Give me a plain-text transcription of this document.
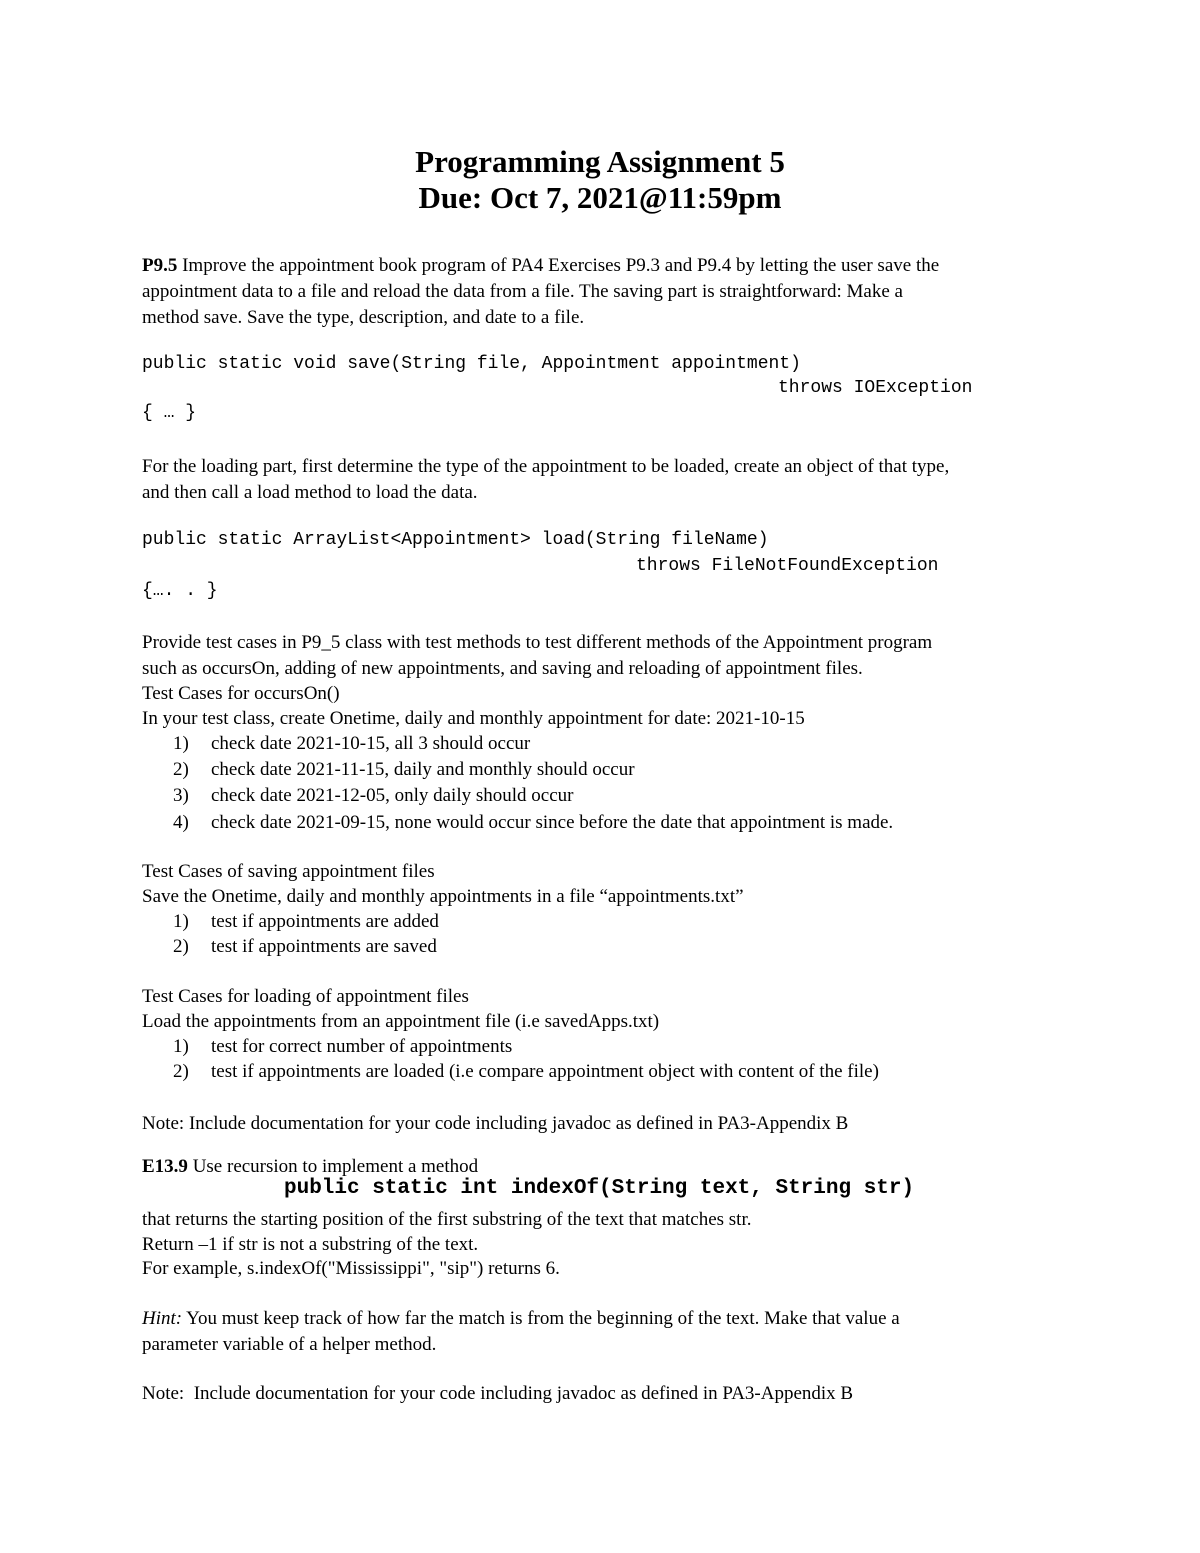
Programming Assignment 5
Due: Oct 7, 2021@11:59pm
P9.5 Improve the appointment book program of PA4 Exercises P9.3 and P9.4 by letting the user save the
appointment data to a file and reload the data from a file. The saving part is straightforward: Make a
method save. Save the type, description, and date to a file.
public static void save(String file, Appointment appointment)
throws IOException
{ … }
For the loading part, first determine the type of the appointment to be loaded, create an object of that type,
and then call a load method to load the data.
public static ArrayList<Appointment> load(String fileName)
throws FileNotFoundException
{…. . }
Provide test cases in P9_5 class with test methods to test different methods of the Appointment program
such as occursOn, adding of new appointments, and saving and reloading of appointment files.
Test Cases for occursOn()
In your test class, create Onetime, daily and monthly appointment for date: 2021-10-15
1) check date 2021-10-15, all 3 should occur
2) check date 2021-11-15, daily and monthly should occur
3) check date 2021-12-05, only daily should occur
4) check date 2021-09-15, none would occur since before the date that appointment is made.
Test Cases of saving appointment files
Save the Onetime, daily and monthly appointments in a file “appointments.txt”
1) test if appointments are added
2) test if appointments are saved
Test Cases for loading of appointment files
Load the appointments from an appointment file (i.e savedApps.txt)
1) test for correct number of appointments
2) test if appointments are loaded (i.e compare appointment object with content of the file)
Note: Include documentation for your code including javadoc as defined in PA3-Appendix B
E13.9 Use recursion to implement a method
public static int indexOf(String text, String str)
that returns the starting position of the first substring of the text that matches str.
Return –1 if str is not a substring of the text.
For example, s.indexOf("Mississippi", "sip") returns 6.
Hint: You must keep track of how far the match is from the beginning of the text. Make that value a
parameter variable of a helper method.
Note:  Include documentation for your code including javadoc as defined in PA3-Appendix B
